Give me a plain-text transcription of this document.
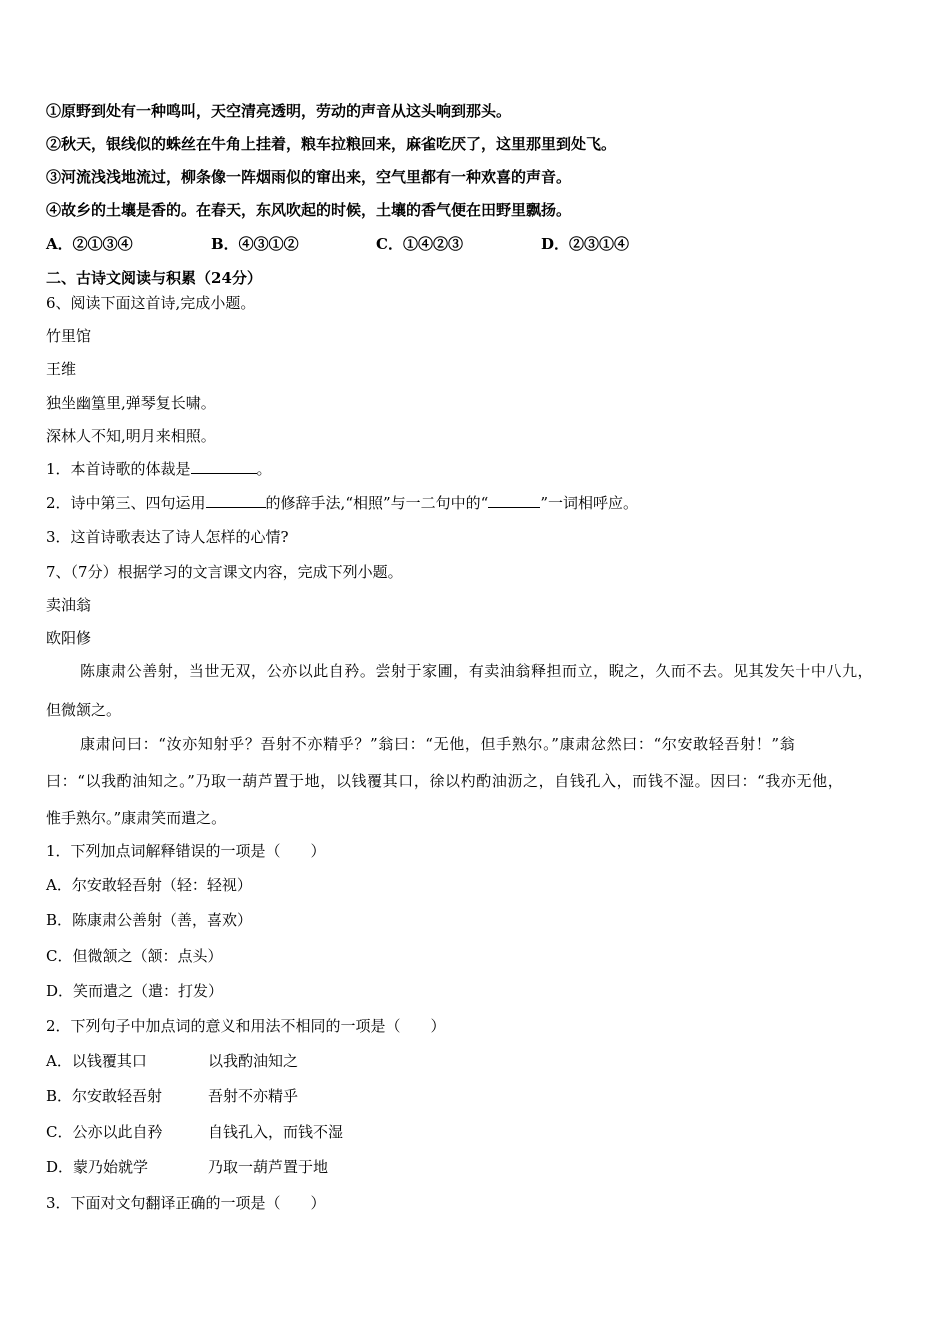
①原野到处有一种鸣叫，天空清亮透明，劳动的声音从这头响到那头。
②秋天，银线似的蛛丝在牛角上挂着，粮车拉粮回来，麻雀吃厌了，这里那里到处飞。
③河流浅浅地流过，柳条像一阵烟雨似的窜出来，空气里都有一种欢喜的声音。
④故乡的土壤是香的。在春天，东风吹起的时候，土壤的香气便在田野里飘扬。
A．②①③④	B．④③①②	C．①④②③	D．②③①④
二、古诗文阅读与积累（24分）
6、阅读下面这首诗,完成小题。
竹里馆
王维
独坐幽篁里,弹琴复长啸。
深林人不知,明月来相照。
1．本首诗歌的体裁是	。
2．诗中第三、四句运用	的修辞手法,“相照”与一二句中的“	”一词相呼应。
3．这首诗歌表达了诗人怎样的心情?
7、（7分）根据学习的文言课文内容，完成下列小题。
卖油翁
欧阳修
陈康肃公善射，当世无双，公亦以此自矜。尝射于家圃，有卖油翁释担而立，睨之，久而不去。见其发矢十中八九，
但微颔之。
康肃问曰：“汝亦知射乎？吾射不亦精乎？”翁曰：“无他，但手熟尔。”康肃忿然曰：“尔安敢轻吾射！”翁
曰：“以我酌油知之。”乃取一葫芦置于地，以钱覆其口，徐以杓酌油沥之，自钱孔入，而钱不湿。因曰：“我亦无他，
惟手熟尔。”康肃笑而遣之。
1．下列加点词解释错误的一项是（　　）
A．尔安敢轻吾射（轻：轻视）
B．陈康肃公善射（善，喜欢）
C．但微颔之（颔：点头）
D．笑而遣之（遣：打发）
2．下列句子中加点词的意义和用法不相同的一项是（　　）
A．以钱覆其口	以我酌油知之
B．尔安敢轻吾射	吾射不亦精乎
C．公亦以此自矜	自钱孔入，而钱不湿
D．蒙乃始就学	乃取一葫芦置于地
3．下面对文句翻译正确的一项是（　　）
